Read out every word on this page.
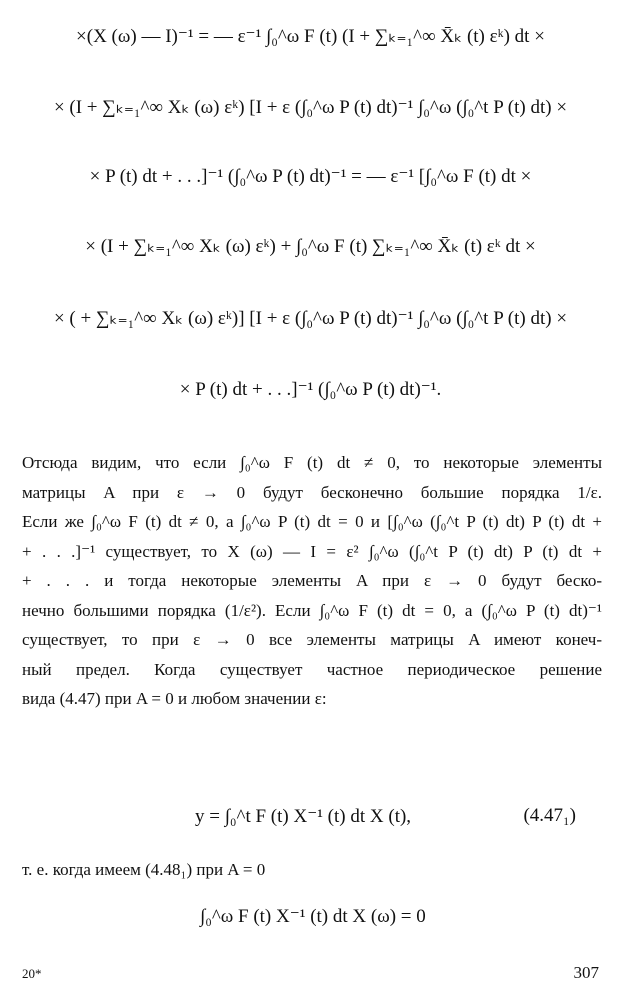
×(X (ω) — I)⁻¹ = — ε⁻¹ ∫₀^ω F (t) (I + ∑ₖ₌₁^∞ X̄ₖ (t) εᵏ) dt ×
× (I + ∑ₖ₌₁^∞ Xₖ (ω) εᵏ) [I + ε (∫₀^ω P (t) dt)⁻¹ ∫₀^ω (∫₀^t P (t) dt) ×
× P (t) dt + . . .]⁻¹ (∫₀^ω P (t) dt)⁻¹ = — ε⁻¹ [∫₀^ω F (t) dt ×
× (I + ∑ₖ₌₁^∞ Xₖ (ω) εᵏ) + ∫₀^ω F (t) ∑ₖ₌₁^∞ X̄ₖ (t) εᵏ dt ×
× ( + ∑ₖ₌₁^∞ Xₖ (ω) εᵏ)] [I + ε (∫₀^ω P (t) dt)⁻¹ ∫₀^ω (∫₀^t P (t) dt) ×
× P (t) dt + . . .]⁻¹ (∫₀^ω P (t) dt)⁻¹.
Отсюда видим, что если ∫₀^ω F (t) dt ≠ 0, то некоторые элементы
матрицы A при ε → 0 будут бесконечно большие порядка 1/ε.
Если же ∫₀^ω F (t) dt ≠ 0, а ∫₀^ω P (t) dt = 0 и [∫₀^ω (∫₀^t P (t) dt) P (t) dt +
+ . . .]⁻¹ существует, то X (ω) — I = ε² ∫₀^ω (∫₀^t P (t) dt) P (t) dt +
+ . . . и тогда некоторые элементы A при ε → 0 будут беско-
нечно большими порядка (1/ε²). Если ∫₀^ω F (t) dt = 0, а (∫₀^ω P (t) dt)⁻¹
существует, то при ε → 0 все элементы матрицы A имеют конеч-
ный предел. Когда существует частное периодическое решение
вида (4.47) при A = 0 и любом значении ε:
y = ∫₀^t F (t) X⁻¹ (t) dt X (t),	(4.47₁)
т. е. когда имеем (4.48₁) при A = 0
∫₀^ω F (t) X⁻¹ (t) dt X (ω) = 0
20*	307
